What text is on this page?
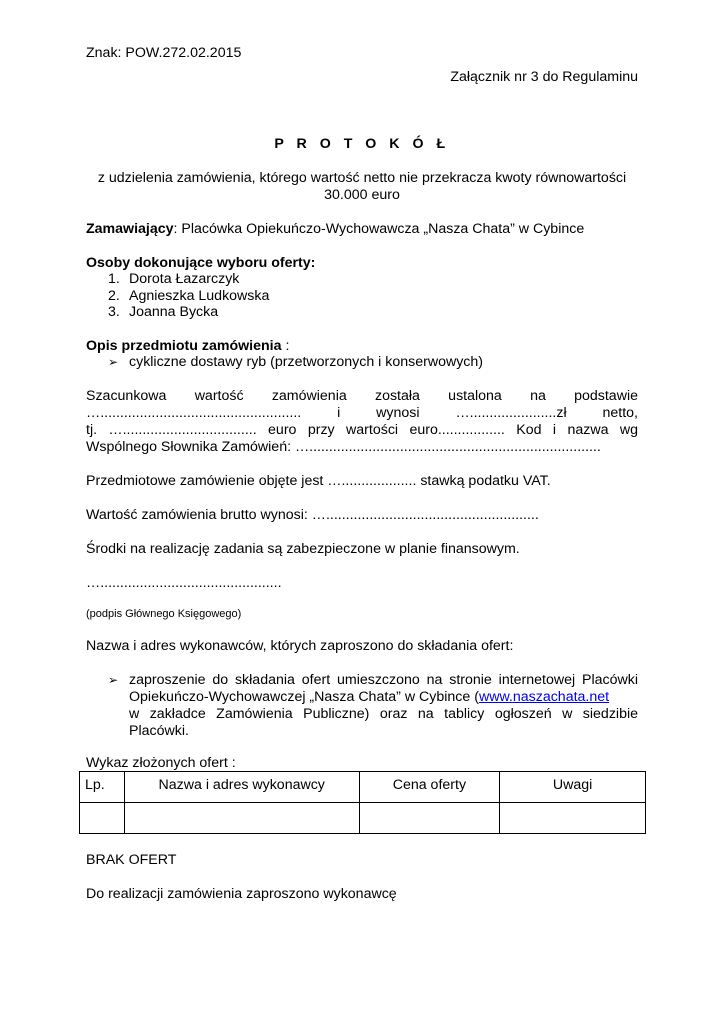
Znak: POW.272.02.2015
Załącznik nr 3 do Regulaminu
P R O T O K Ó Ł
z udzielenia zamówienia, którego wartość netto nie przekracza kwoty równowartości
30.000 euro
Zamawiający: Placówka Opiekuńczo-Wychowawcza „Nasza Chata” w Cybince
Osoby dokonujące wyboru oferty:
1. Dorota Łazarczyk
2. Agnieszka Ludkowska
3. Joanna Bycka
Opis przedmiotu zamówienia :
➢ cykliczne dostawy ryb (przetworzonych i konserwowych)
Szacunkowa wartość zamówienia została ustalona na podstawie
…................................................... i wynosi …......................zł netto,
tj. ….................................. euro przy wartości euro................. Kod i nazwa wg
Wspólnego Słownika Zamówień: …..........................................................................
Przedmiotowe zamówienie objęte jest …................... stawką podatku VAT.
Wartość zamówienia brutto wynosi: …......................................................
Środki na realizację zadania są zabezpieczone w planie finansowym.
…..............................................
(podpis Głównego Księgowego)
Nazwa i adres wykonawców, których zaproszono do składania ofert:
➢ zaproszenie do składania ofert umieszczono na stronie internetowej Placówki
Opiekuńczo-Wychowawczej „Nasza Chata” w Cybince (www.naszachata.net
w zakładce Zamówienia Publiczne) oraz na tablicy ogłoszeń w siedzibie
Placówki.
Wykaz złożonych ofert :
Lp.	Nazwa i adres wykonawcy	Cena oferty	Uwagi

BRAK OFERT
Do realizacji zamówienia zaproszono wykonawcę
